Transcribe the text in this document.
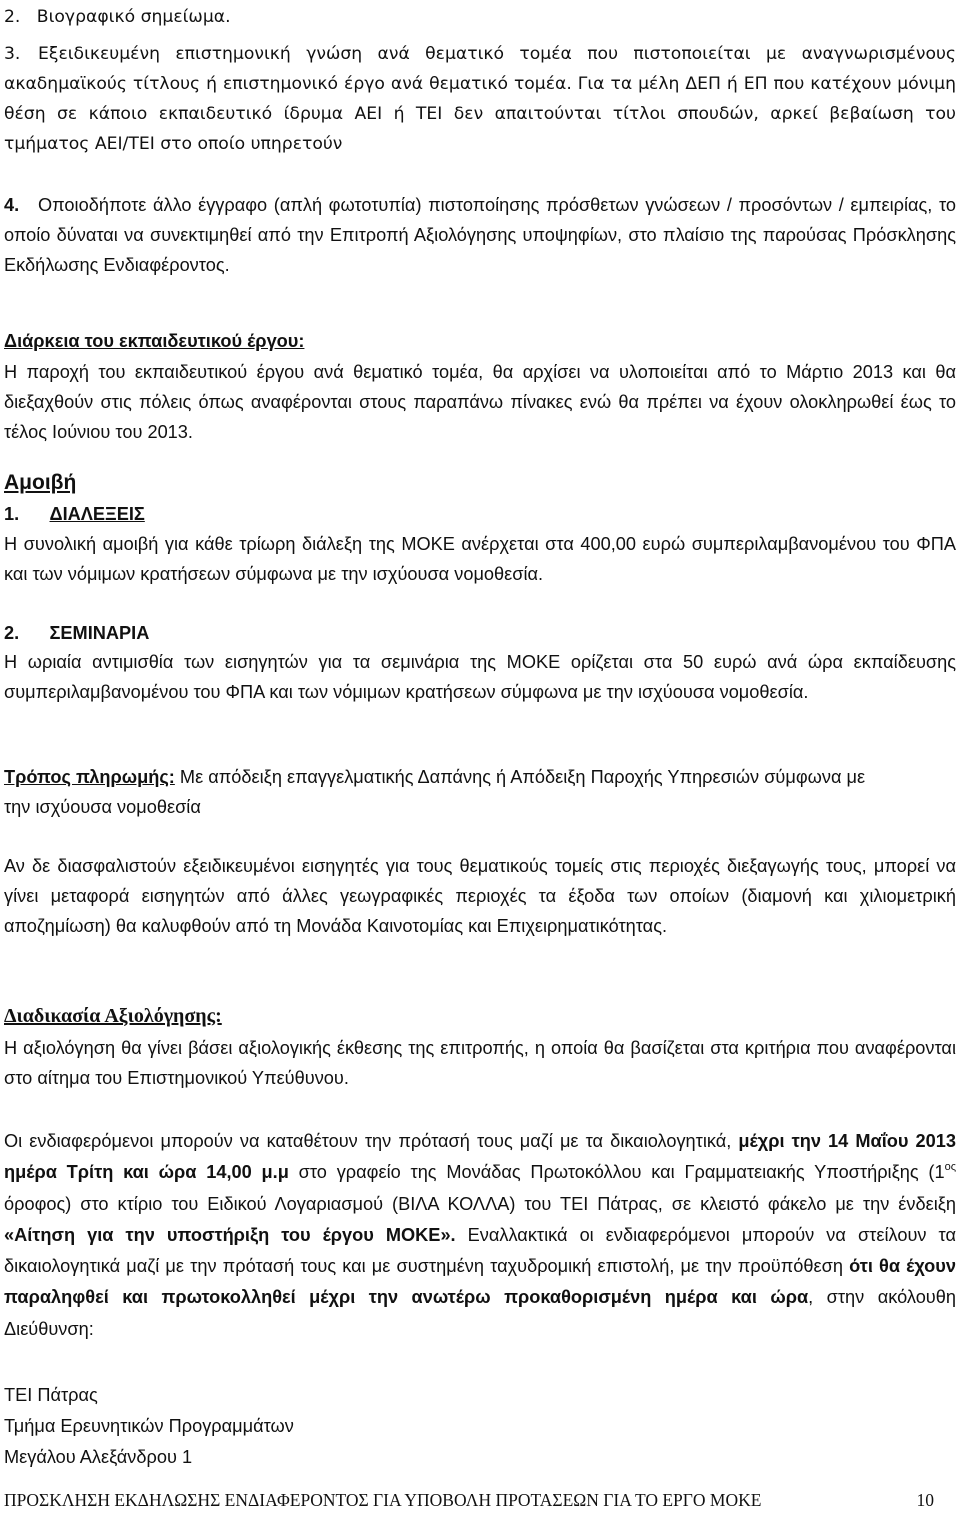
2. Βιογραφικό σημείωμα.
3.	Εξειδικευμένη επιστημονική γνώση ανά θεματικό τομέα που πιστοποιείται με αναγνωρισμένους ακαδημαϊκούς τίτλους ή επιστημονικό έργο ανά θεματικό τομέα. Για τα μέλη ΔΕΠ ή ΕΠ που κατέχουν μόνιμη θέση σε κάποιο εκπαιδευτικό ίδρυμα ΑΕΙ ή ΤΕΙ δεν απαιτούνται τίτλοι σπουδών, αρκεί βεβαίωση του τμήματος ΑΕΙ/ΤΕΙ στο οποίο υπηρετούν
4.	Οποιοδήποτε άλλο έγγραφο (απλή φωτοτυπία) πιστοποίησης πρόσθετων γνώσεων / προσόντων / εμπειρίας, το οποίο δύναται να συνεκτιμηθεί από την Επιτροπή Αξιολόγησης υποψηφίων, στο πλαίσιο της παρούσας Πρόσκλησης Εκδήλωσης Ενδιαφέροντος.
Διάρκεια του εκπαιδευτικού έργου:
Η παροχή του εκπαιδευτικού έργου ανά θεματικό τομέα, θα αρχίσει να υλοποιείται από το Μάρτιο 2013 και θα διεξαχθούν στις πόλεις όπως αναφέρονται στους παραπάνω πίνακες ενώ θα πρέπει να έχουν ολοκληρωθεί έως το τέλος Ιούνιου του 2013.
Αμοιβή
1. ΔΙΑΛΕΞΕΙΣ
Η συνολική αμοιβή για κάθε τρίωρη διάλεξη της ΜΟΚΕ ανέρχεται στα 400,00 ευρώ συμπεριλαμβανομένου του ΦΠΑ και των νόμιμων κρατήσεων σύμφωνα με την ισχύουσα νομοθεσία.
2. ΣΕΜΙΝΑΡΙΑ
Η ωριαία αντιμισθία των εισηγητών για τα σεμινάρια της ΜΟΚΕ ορίζεται στα 50 ευρώ ανά ώρα εκπαίδευσης συμπεριλαμβανομένου του ΦΠΑ και των νόμιμων κρατήσεων σύμφωνα με την ισχύουσα νομοθεσία.
Τρόπος πληρωμής: Με απόδειξη επαγγελματικής Δαπάνης ή Απόδειξη Παροχής Υπηρεσιών σύμφωνα με την ισχύουσα νομοθεσία
Αν δε διασφαλιστούν εξειδικευμένοι εισηγητές για τους θεματικούς τομείς στις περιοχές διεξαγωγής τους, μπορεί να γίνει μεταφορά εισηγητών από άλλες γεωγραφικές περιοχές τα έξοδα των οποίων (διαμονή και χιλιομετρική αποζημίωση) θα καλυφθούν από τη Μονάδα Καινοτομίας και Επιχειρηματικότητας.
Διαδικασία Αξιολόγησης:
Η αξιολόγηση θα γίνει βάσει αξιολογικής έκθεσης της επιτροπής, η οποία θα βασίζεται στα κριτήρια που αναφέρονται στο αίτημα του Επιστημονικού Υπεύθυνου.
Οι ενδιαφερόμενοι μπορούν να καταθέτουν την πρότασή τους μαζί με τα δικαιολογητικά, μέχρι την 14 Μαΐου 2013 ημέρα Τρίτη και ώρα 14,00 μ.μ στο γραφείο της Μονάδας Πρωτοκόλλου και Γραμματειακής Υποστήριξης ($1^{o\varsigma}$ όροφος) στο κτίριο του Ειδικού Λογαριασμού (ΒΙΛΑ ΚΟΛΛΑ) του ΤΕΙ Πάτρας, σε κλειστό φάκελο με την ένδειξη «Αίτηση για την υποστήριξη του έργου ΜΟΚΕ». Εναλλακτικά οι ενδιαφερόμενοι μπορούν να στείλουν τα δικαιολογητικά μαζί με την πρότασή τους και με συστημένη ταχυδρομική επιστολή, με την προϋπόθεση ότι θα έχουν παραληφθεί και πρωτοκολληθεί μέχρι την ανωτέρω προκαθορισμένη ημέρα και ώρα, στην ακόλουθη Διεύθυνση:
ΤΕΙ Πάτρας
Τμήμα Ερευνητικών Προγραμμάτων
Μεγάλου Αλεξάνδρου 1
ΠΡΟΣΚΛΗΣΗ ΕΚΔΗΛΩΣΗΣ ΕΝΔΙΑΦΕΡΟΝΤΟΣ ΓΙΑ ΥΠΟΒΟΛΗ ΠΡΟΤΑΣΕΩΝ ΓΙΑ ΤΟ ΕΡΓΟ ΜΟΚΕ	10
